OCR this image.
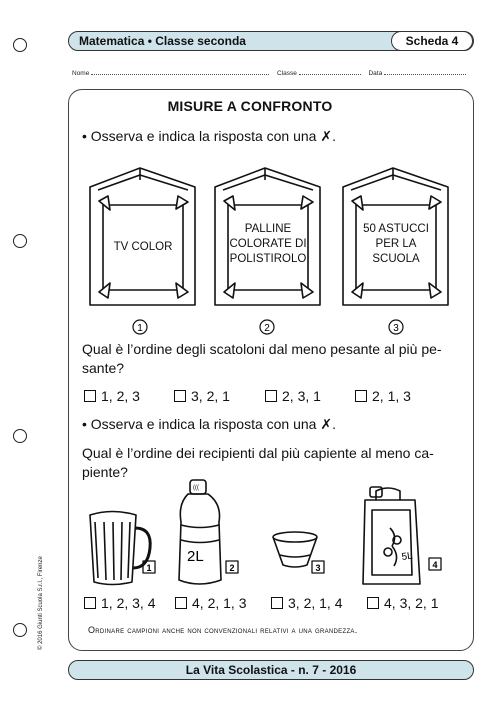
Matematica • Classe seconda	Scheda 4
Nome	Classe	Data
MISURE A CONFRONTO
• Osserva e indica la risposta con una ✗.
1	2	3
TV COLOR
PALLINE COLORATE DI POLISTIROLO
50 ASTUCCI PER LA SCUOLA
Qual è l’ordine degli scatoloni dal meno pesante al più pe-sante?
1, 2, 3	3, 2, 1	2, 3, 1	2, 1, 3
• Osserva e indica la risposta con una ✗.
Qual è l’ordine dei recipienti dal più capiente al meno ca-piente?
(((
2L	5L
1	2	3	4
1, 2, 3, 4	4, 2, 1, 3	3, 2, 1, 4	4, 3, 2, 1
Ordinare campioni anche non convenzionali relativi a una grandezza.
© 2016 Giunti Scuola S.r.l., Firenze
La Vita Scolastica - n. 7 - 2016
